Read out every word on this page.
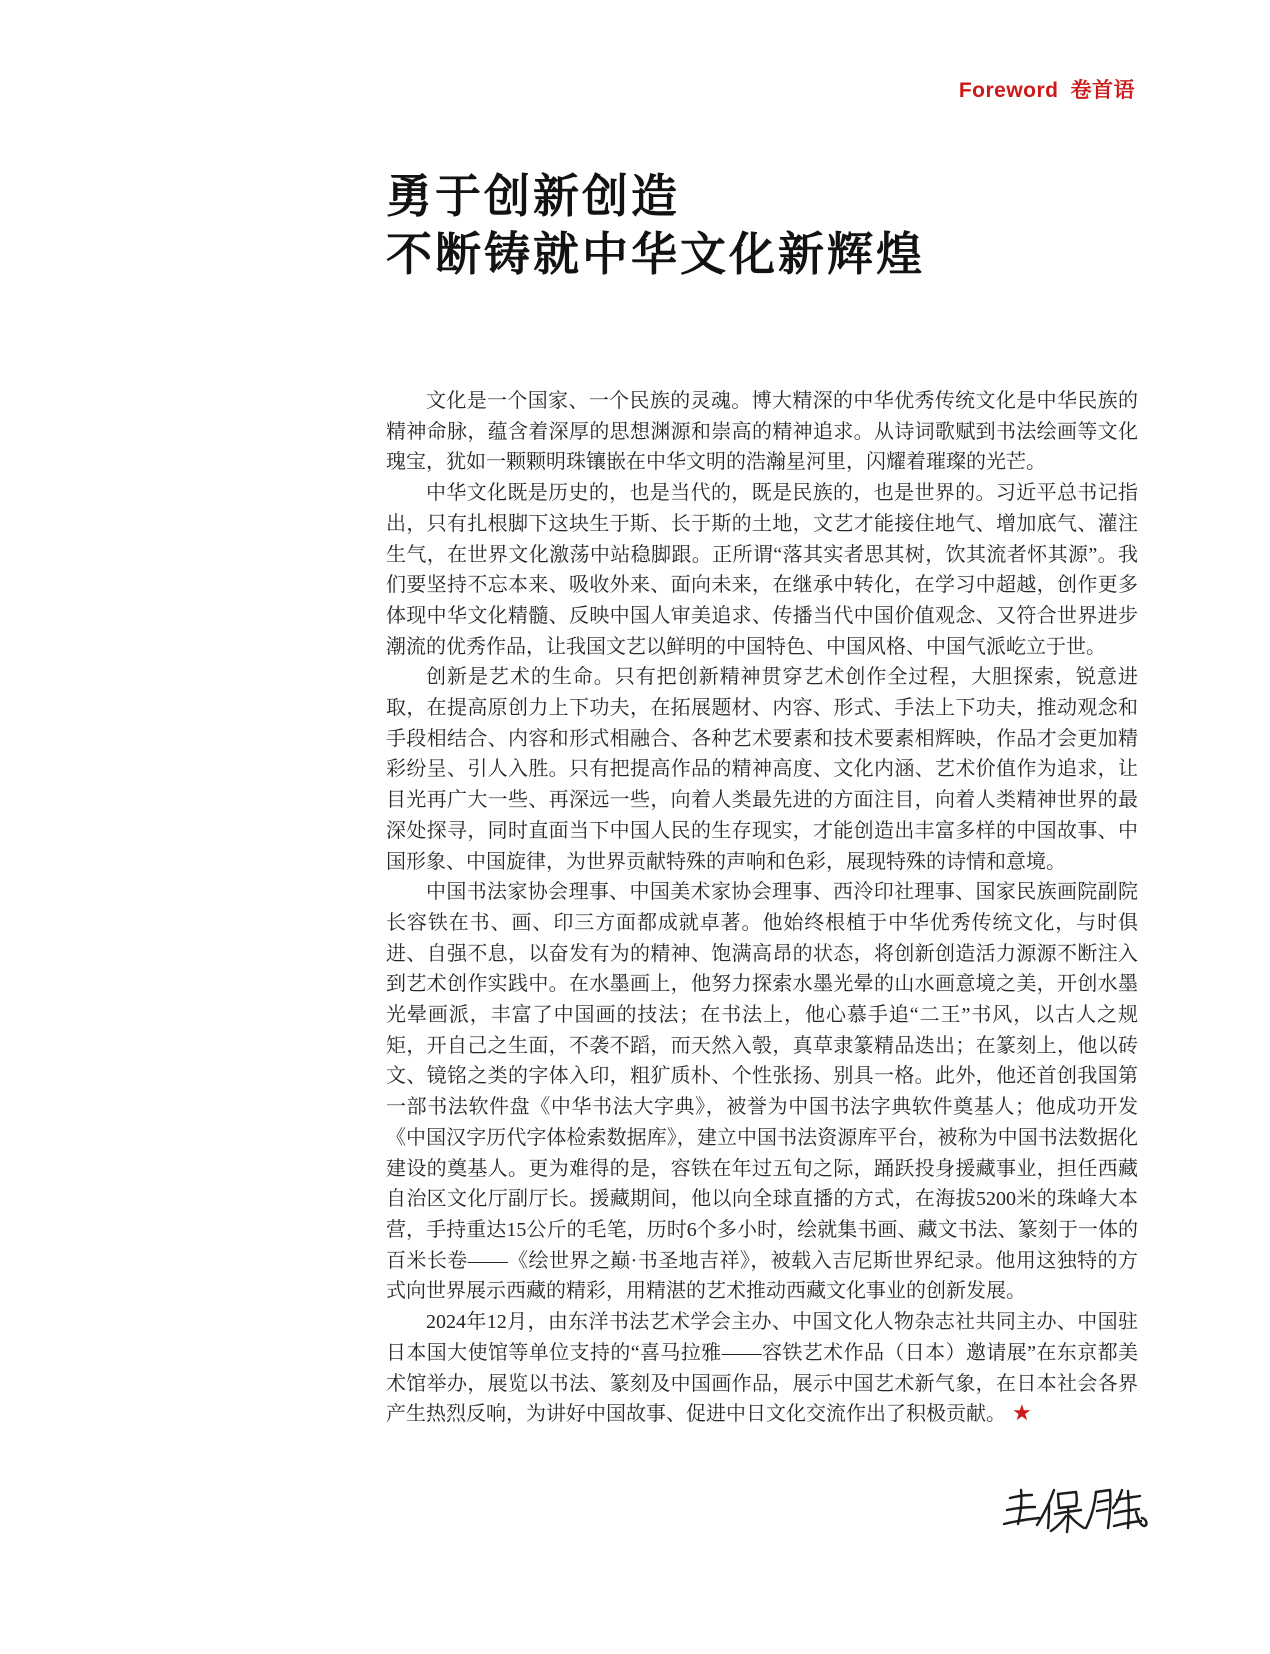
Foreword 卷首语
勇于创新创造
不断铸就中华文化新辉煌

文化是一个国家、一个民族的灵魂。博大精深的中华优秀传统文化是中华民族的精神命脉，蕴含着深厚的思想渊源和崇高的精神追求。从诗词歌赋到书法绘画等文化瑰宝，犹如一颗颗明珠镶嵌在中华文明的浩瀚星河里，闪耀着璀璨的光芒。

中华文化既是历史的，也是当代的，既是民族的，也是世界的。习近平总书记指出，只有扎根脚下这块生于斯、长于斯的土地，文艺才能接住地气、增加底气、灌注生气，在世界文化激荡中站稳脚跟。正所谓“落其实者思其树，饮其流者怀其源”。我们要坚持不忘本来、吸收外来、面向未来，在继承中转化，在学习中超越，创作更多体现中华文化精髓、反映中国人审美追求、传播当代中国价值观念、又符合世界进步潮流的优秀作品，让我国文艺以鲜明的中国特色、中国风格、中国气派屹立于世。

创新是艺术的生命。只有把创新精神贯穿艺术创作全过程，大胆探索，锐意进取，在提高原创力上下功夫，在拓展题材、内容、形式、手法上下功夫，推动观念和手段相结合、内容和形式相融合、各种艺术要素和技术要素相辉映，作品才会更加精彩纷呈、引人入胜。只有把提高作品的精神高度、文化内涵、艺术价值作为追求，让目光再广大一些、再深远一些，向着人类最先进的方面注目，向着人类精神世界的最深处探寻，同时直面当下中国人民的生存现实，才能创造出丰富多样的中国故事、中国形象、中国旋律，为世界贡献特殊的声响和色彩，展现特殊的诗情和意境。

中国书法家协会理事、中国美术家协会理事、西泠印社理事、国家民族画院副院长容铁在书、画、印三方面都成就卓著。他始终根植于中华优秀传统文化，与时俱进、自强不息，以奋发有为的精神、饱满高昂的状态，将创新创造活力源源不断注入到艺术创作实践中。在水墨画上，他努力探索水墨光晕的山水画意境之美，开创水墨光晕画派，丰富了中国画的技法；在书法上，他心慕手追“二王”书风，以古人之规矩，开自己之生面，不袭不蹈，而天然入彀，真草隶篆精品迭出；在篆刻上，他以砖文、镜铭之类的字体入印，粗犷质朴、个性张扬、别具一格。此外，他还首创我国第一部书法软件盘《中华书法大字典》，被誉为中国书法字典软件奠基人；他成功开发《中国汉字历代字体检索数据库》，建立中国书法资源库平台，被称为中国书法数据化建设的奠基人。更为难得的是，容铁在年过五旬之际，踊跃投身援藏事业，担任西藏自治区文化厅副厅长。援藏期间，他以向全球直播的方式，在海拔5200米的珠峰大本营，手持重达15公斤的毛笔，历时6个多小时，绘就集书画、藏文书法、篆刻于一体的百米长卷——《绘世界之巅·书圣地吉祥》，被载入吉尼斯世界纪录。他用这独特的方式向世界展示西藏的精彩，用精湛的艺术推动西藏文化事业的创新发展。

2024年12月，由东洋书法艺术学会主办、中国文化人物杂志社共同主办、中国驻日本国大使馆等单位支持的“喜马拉雅——容铁艺术作品（日本）邀请展”在东京都美术馆举办，展览以书法、篆刻及中国画作品，展示中国艺术新气象，在日本社会各界产生热烈反响，为讲好中国故事、促进中日文化交流作出了积极贡献。 ★
